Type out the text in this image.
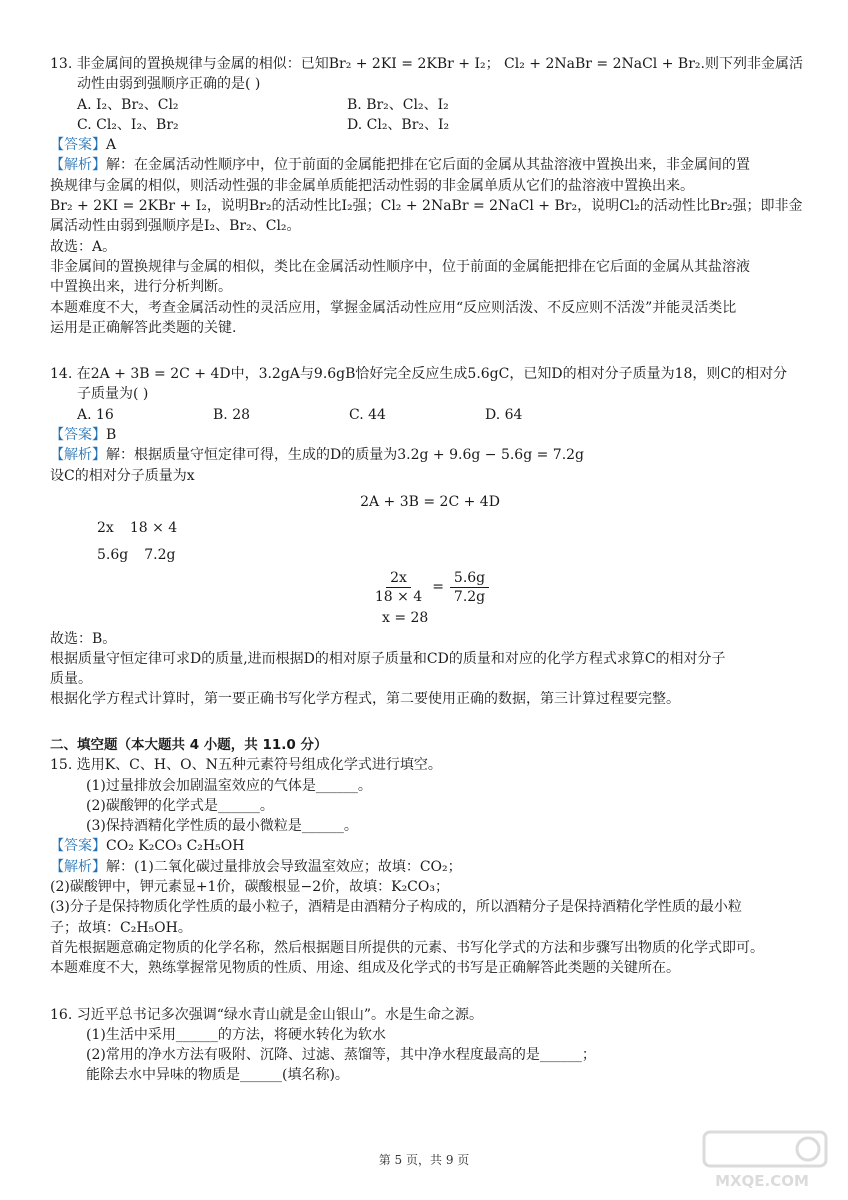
13. 非金属间的置换规律与金属的相似：已知Br₂ + 2KI = 2KBr + I₂； Cl₂ + 2NaBr = 2NaCl + Br₂.则下列非金属活

动性由弱到强顺序正确的是( )

A. I₂、Br₂、Cl₂	B. Br₂、Cl₂、I₂
C. Cl₂、I₂、Br₂	D. Cl₂、Br₂、I₂

【答案】A

【解析】解：在金属活动性顺序中，位于前面的金属能把排在它后面的金属从其盐溶液中置换出来，非金属间的置

换规律与金属的相似，则活动性强的非金属单质能把活动性弱的非金属单质从它们的盐溶液中置换出来。

Br₂ + 2KI = 2KBr + I₂，说明Br₂的活动性比I₂强；Cl₂ + 2NaBr = 2NaCl + Br₂，说明Cl₂的活动性比Br₂强；即非金

属活动性由弱到强顺序是I₂、Br₂、Cl₂。

故选：A。

非金属间的置换规律与金属的相似，类比在金属活动性顺序中，位于前面的金属能把排在它后面的金属从其盐溶液

中置换出来，进行分析判断。

本题难度不大，考查金属活动性的灵活应用，掌握金属活动性应用“反应则活泼、不反应则不活泼”并能灵活类比

运用是正确解答此类题的关键.

14. 在2A + 3B = 2C + 4D中，3.2gA与9.6gB恰好完全反应生成5.6gC，已知D的相对分子质量为18，则C的相对分

子质量为( )

A. 16	B. 28	C. 44	D. 64

【答案】B

【解析】解：根据质量守恒定律可得，生成的D的质量为3.2g + 9.6g − 5.6g = 7.2g

设C的相对分子质量为x

2A + 3B = 2C + 4D

2x 18 × 4
5.6g 7.2g
$\frac{2x}{18 \times 4} = \frac{5.6g}{7.2g}$

x = 28

故选：B。

根据质量守恒定律可求D的质量,进而根据D的相对原子质量和CD的质量和对应的化学方程式求算C的相对分子

质量。

根据化学方程式计算时，第一要正确书写化学方程式，第二要使用正确的数据，第三计算过程要完整。

二、填空题（本大题共 4 小题，共 11.0 分）

15. 选用K、C、H、O、N五种元素符号组成化学式进行填空。

(1)过量排放会加剧温室效应的气体是______。

(2)碳酸钾的化学式是______。

(3)保持酒精化学性质的最小微粒是______。

【答案】CO₂ K₂CO₃ C₂H₅OH

【解析】解：(1)二氧化碳过量排放会导致温室效应；故填：CO₂；

(2)碳酸钾中，钾元素显+1价，碳酸根显−2价，故填：K₂CO₃；

(3)分子是保持物质化学性质的最小粒子，酒精是由酒精分子构成的，所以酒精分子是保持酒精化学性质的最小粒

子；故填：C₂H₅OH。

首先根据题意确定物质的化学名称，然后根据题目所提供的元素、书写化学式的方法和步骤写出物质的化学式即可。

本题难度不大，熟练掌握常见物质的性质、用途、组成及化学式的书写是正确解答此类题的关键所在。

16. 习近平总书记多次强调“绿水青山就是金山银山”。水是生命之源。

(1)生活中采用______的方法，将硬水转化为软水

(2)常用的净水方法有吸附、沉降、过滤、蒸馏等，其中净水程度最高的是______；

能除去水中异味的物质是______(填名称)。

MXQE.COM
第 5 页，共 9 页
